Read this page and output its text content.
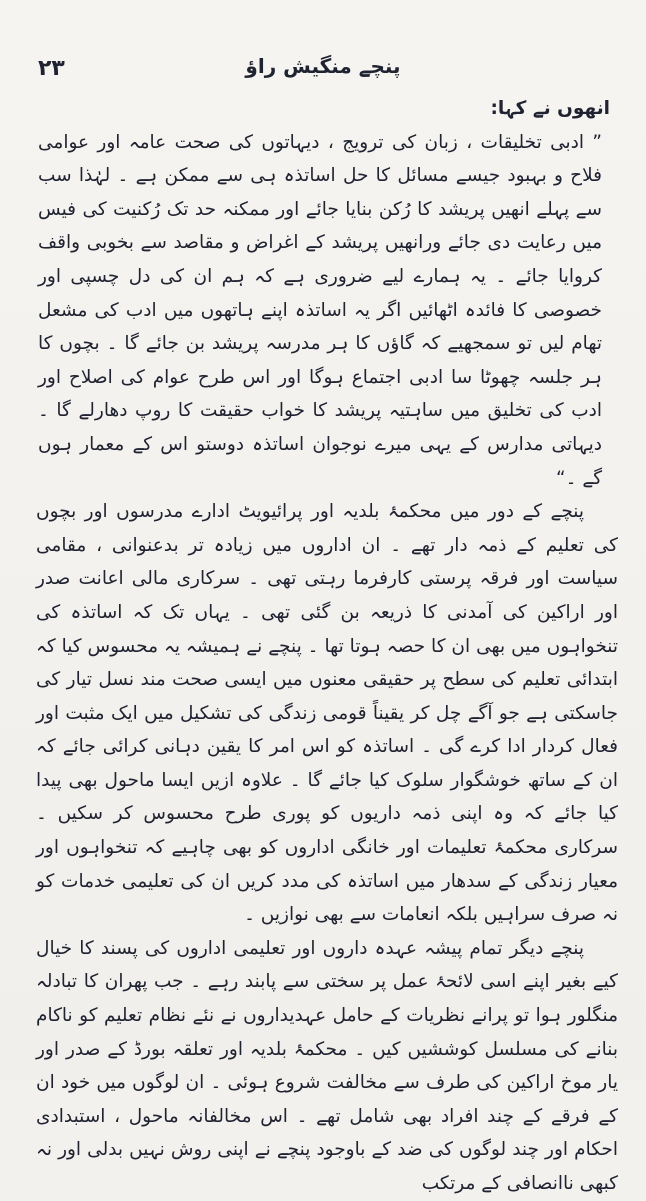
۲۳	پنچے منگیش راؤ

انھوں نے کہا:

” ادبی تخلیقات ، زبان کی ترویج ، دیہاتوں کی صحت عامہ اور عوامی فلاح و بہبود جیسے مسائل کا حل اساتذہ ہی سے ممکن ہے ۔ لہٰذا سب سے پہلے انھیں پریشد کا رُکن بنایا جائے اور ممکنہ حد تک رُکنیت کی فیس میں رعایت دی جائے ورانھیں پریشد کے اغراض و مقاصد سے بخوبی واقف کروایا جائے ۔ یہ ہمارے لیے ضروری ہے کہ ہم ان کی دل چسپی اور خصوصی کا فائدہ اٹھائیں اگر یہ اساتذہ اپنے ہاتھوں میں ادب کی مشعل تھام لیں تو سمجھیے کہ گاؤں کا ہر مدرسہ پریشد بن جائے گا ۔ بچوں کا ہر جلسہ چھوٹا سا ادبی اجتماع ہوگا اور اس طرح عوام کی اصلاح اور ادب کی تخلیق میں ساہتیہ پریشد کا خواب حقیقت کا روپ دھارلے گا ۔ دیہاتی مدارس کے یہی میرے نوجوان اساتذہ دوستو اس کے معمار ہوں گے ۔“

پنچے کے دور میں محکمۂ بلدیہ اور پرائیویٹ ادارے مدرسوں اور بچوں کی تعلیم کے ذمہ دار تھے ۔ ان اداروں میں زیادہ تر بدعنوانی ، مقامی سیاست اور فرقہ پرستی کارفرما رہتی تھی ۔ سرکاری مالی اعانت صدر اور اراکین کی آمدنی کا ذریعہ بن گئی تھی ۔ یہاں تک کہ اساتذہ کی تنخواہوں میں بھی ان کا حصہ ہوتا تھا ۔ پنچے نے ہمیشہ یہ محسوس کیا کہ ابتدائی تعلیم کی سطح پر حقیقی معنوں میں ایسی صحت مند نسل تیار کی جاسکتی ہے جو آگے چل کر یقیناً قومی زندگی کی تشکیل میں ایک مثبت اور فعال کردار ادا کرے گی ۔ اساتذہ کو اس امر کا یقین دہانی کرائی جائے کہ ان کے ساتھ خوشگوار سلوک کیا جائے گا ۔ علاوہ ازیں ایسا ماحول بھی پیدا کیا جائے کہ وہ اپنی ذمہ داریوں کو پوری طرح محسوس کر سکیں ۔ سرکاری محکمۂ تعلیمات اور خانگی اداروں کو بھی چاہیے کہ تنخواہوں اور معیار زندگی کے سدھار میں اساتذہ کی مدد کریں ان کی تعلیمی خدمات کو نہ صرف سراہیں بلکہ انعامات سے بھی نوازیں ۔

پنچے دیگر تمام پیشہ عہدہ داروں اور تعلیمی اداروں کی پسند کا خیال کیے بغیر اپنے اسی لائحۂ عمل پر سختی سے پابند رہے ۔ جب پھران کا تبادلہ منگلور ہوا تو پرانے نظریات کے حامل عہدیداروں نے نئے نظام تعلیم کو ناکام بنانے کی مسلسل کوششیں کیں ۔ محکمۂ بلدیہ اور تعلقہ بورڈ کے صدر اور یار موخ اراکین کی طرف سے مخالفت شروع ہوئی ۔ ان لوگوں میں خود ان کے فرقے کے چند افراد بھی شامل تھے ۔ اس مخالفانہ ماحول ، استبدادی احکام اور چند لوگوں کی ضد کے باوجود پنچے نے اپنی روش نہیں بدلی اور نہ کبھی ناانصافی کے مرتکب
